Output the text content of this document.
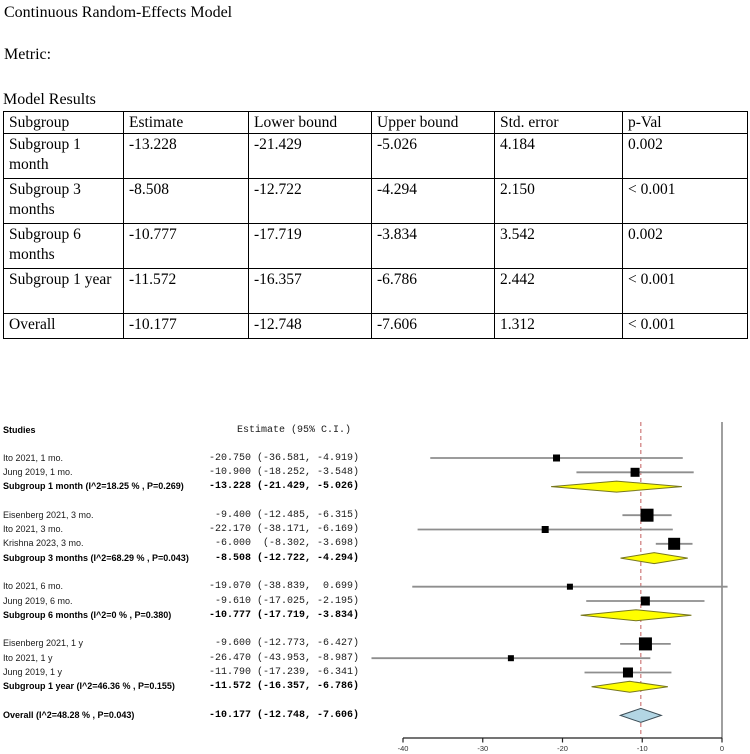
Continuous Random-Effects Model
Metric:
Model Results
Subgroup	Estimate	Lower bound	Upper bound	Std. error	p-Val
Subgroup 1 month	-13.228	-21.429	-5.026	4.184	0.002
Subgroup 3 months	-8.508	-12.722	-4.294	2.150	< 0.001
Subgroup 6 months	-10.777	-17.719	-3.834	3.542	0.002
Subgroup 1 year	-11.572	-16.357	-6.786	2.442	< 0.001
Overall	-10.177	-12.748	-7.606	1.312	< 0.001
-40	-30	-20	-10	0
Studies	Estimate (95% C.I.)
Ito 2021, 1 mo.	-20.750 (-36.581, -4.919)
Jung 2019, 1 mo.	-10.900 (-18.252, -3.548)
Subgroup 1 month (I^2=18.25 % , P=0.269)	-13.228 (-21.429, -5.026)
Eisenberg 2021, 3 mo.	-9.400 (-12.485, -6.315)
Ito 2021, 3 mo.	-22.170 (-38.171, -6.169)
Krishna 2023, 3 mo.	-6.000  (-8.302, -3.698)
Subgroup 3 months (I^2=68.29 % , P=0.043) -8.508 (-12.722, -4.294)
Ito 2021, 6 mo.	-19.070 (-38.839,  0.699)
Jung 2019, 6 mo.	-9.610 (-17.025, -2.195)
Subgroup 6 months (I^2=0 % , P=0.380)	-10.777 (-17.719, -3.834)
Eisenberg 2021, 1 y	-9.600 (-12.773, -6.427)
Ito 2021, 1 y	-26.470 (-43.953, -8.987)
Jung 2019, 1 y	-11.790 (-17.239, -6.341)
Subgroup 1 year (I^2=46.36 % , P=0.155)	-11.572 (-16.357, -6.786)
Overall (I^2=48.28 % , P=0.043)	-10.177 (-12.748, -7.606)
